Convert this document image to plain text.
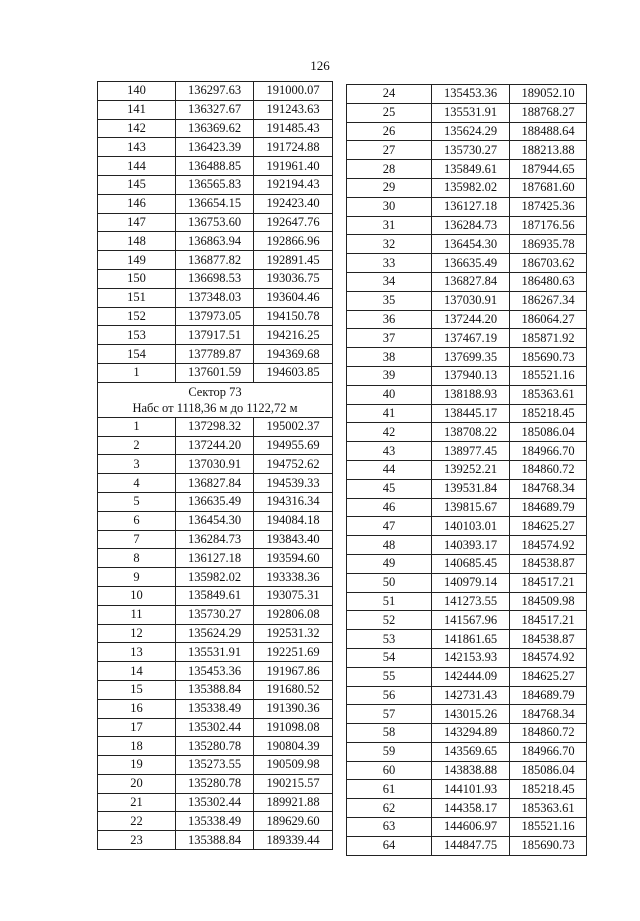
126
140	136297.63	191000.07
141	136327.67	191243.63
142	136369.62	191485.43
143	136423.39	191724.88
144	136488.85	191961.40
145	136565.83	192194.43
146	136654.15	192423.40
147	136753.60	192647.76
148	136863.94	192866.96
149	136877.82	192891.45
150	136698.53	193036.75
151	137348.03	193604.46
152	137973.05	194150.78
153	137917.51	194216.25
154	137789.87	194369.68
1	137601.59	194603.85

Сектор 73
Набс от 1118,36 м до 1122,72 м		

1	137298.32	195002.37
2	137244.20	194955.69
3	137030.91	194752.62
4	136827.84	194539.33
5	136635.49	194316.34
6	136454.30	194084.18
7	136284.73	193843.40
8	136127.18	193594.60
9	135982.02	193338.36
10	135849.61	193075.31
11	135730.27	192806.08
12	135624.29	192531.32
13	135531.91	192251.69
14	135453.36	191967.86
15	135388.84	191680.52
16	135338.49	191390.36
17	135302.44	191098.08
18	135280.78	190804.39
19	135273.55	190509.98
20	135280.78	190215.57
21	135302.44	189921.88
22	135338.49	189629.60
23	135388.84	189339.44
24	135453.36	189052.10
25	135531.91	188768.27
26	135624.29	188488.64
27	135730.27	188213.88
28	135849.61	187944.65
29	135982.02	187681.60
30	136127.18	187425.36
31	136284.73	187176.56
32	136454.30	186935.78
33	136635.49	186703.62
34	136827.84	186480.63
35	137030.91	186267.34
36	137244.20	186064.27
37	137467.19	185871.92
38	137699.35	185690.73
39	137940.13	185521.16
40	138188.93	185363.61
41	138445.17	185218.45
42	138708.22	185086.04
43	138977.45	184966.70
44	139252.21	184860.72
45	139531.84	184768.34
46	139815.67	184689.79
47	140103.01	184625.27
48	140393.17	184574.92
49	140685.45	184538.87
50	140979.14	184517.21
51	141273.55	184509.98
52	141567.96	184517.21
53	141861.65	184538.87
54	142153.93	184574.92
55	142444.09	184625.27
56	142731.43	184689.79
57	143015.26	184768.34
58	143294.89	184860.72
59	143569.65	184966.70
60	143838.88	185086.04
61	144101.93	185218.45
62	144358.17	185363.61
63	144606.97	185521.16
64	144847.75	185690.73
